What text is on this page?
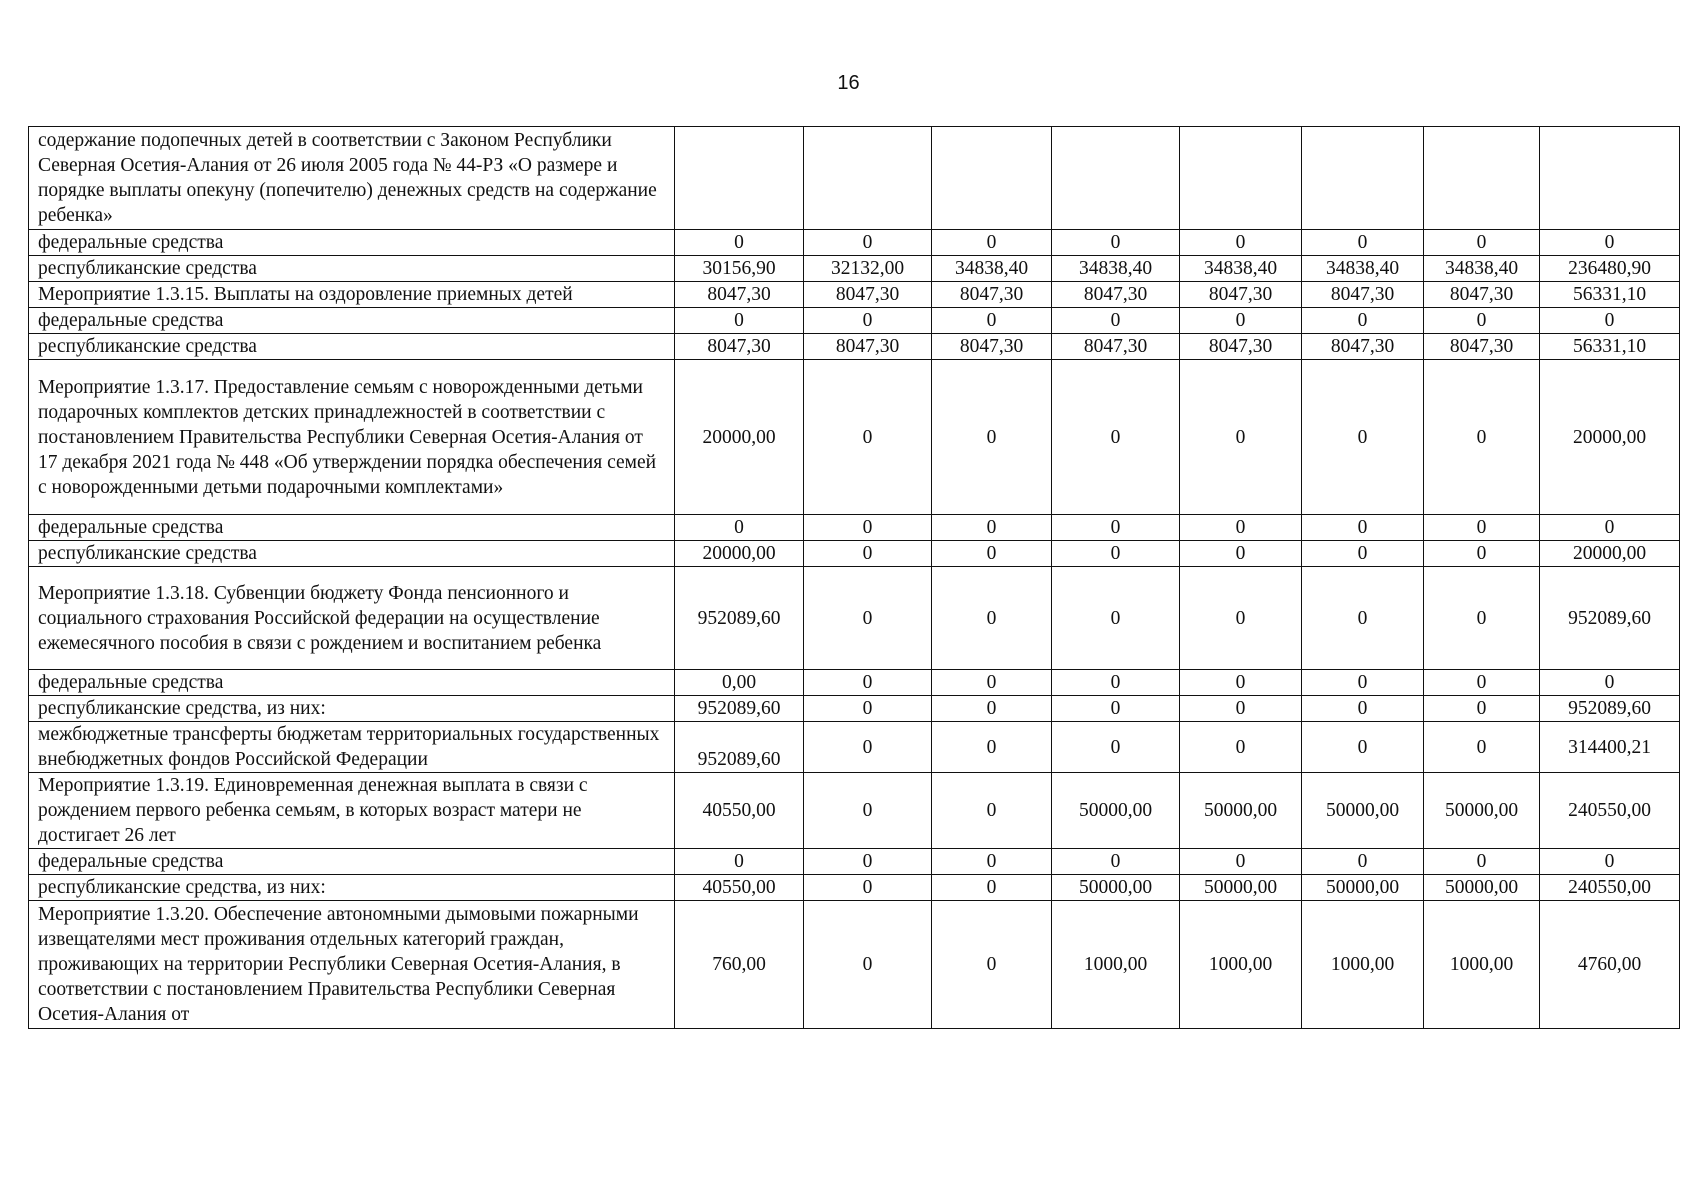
16
содержание подопечных детей в соответствии с Законом Республики Северная Осетия-Алания от 26 июля 2005 года № 44-РЗ «О размере и порядке выплаты опекуну (попечителю) денежных средств на содержание ребенка»								
федеральные средства	0	0	0	0	0	0	0	0
республиканские средства	30156,90	32132,00	34838,40	34838,40	34838,40	34838,40	34838,40	236480,90
Мероприятие 1.3.15. Выплаты на оздоровление приемных детей	8047,30	8047,30	8047,30	8047,30	8047,30	8047,30	8047,30	56331,10
федеральные средства	0	0	0	0	0	0	0	0
республиканские средства	8047,30	8047,30	8047,30	8047,30	8047,30	8047,30	8047,30	56331,10
Мероприятие 1.3.17. Предоставление семьям с новорожденными детьми подарочных комплектов детских принадлежностей в соответствии с постановлением Правительства Республики Северная Осетия-Алания от 17 декабря 2021 года № 448 «Об утверждении порядка обеспечения семей с новорожденными детьми подарочными комплектами»	20000,00	0	0	0	0	0	0	20000,00
федеральные средства	0	0	0	0	0	0	0	0
республиканские средства	20000,00	0	0	0	0	0	0	20000,00
Мероприятие 1.3.18. Субвенции бюджету Фонда пенсионного и социального страхования Российской федерации на осуществление ежемесячного пособия в связи с рождением и воспитанием ребенка	952089,60	0	0	0	0	0	0	952089,60
федеральные средства	0,00	0	0	0	0	0	0	0
республиканские средства, из них:	952089,60	0	0	0	0	0	0	952089,60
межбюджетные трансферты бюджетам территориальных государственных внебюджетных фондов Российской Федерации	952089,60	0	0	0	0	0	0	314400,21
Мероприятие 1.3.19. Единовременная денежная выплата в связи с рождением первого ребенка семьям, в которых возраст матери не достигает 26 лет	40550,00	0	0	50000,00	50000,00	50000,00	50000,00	240550,00
федеральные средства	0	0	0	0	0	0	0	0
республиканские средства, из них:	40550,00	0	0	50000,00	50000,00	50000,00	50000,00	240550,00
Мероприятие 1.3.20. Обеспечение автономными дымовыми пожарными извещателями мест проживания отдельных категорий граждан, проживающих на территории Республики Северная Осетия-Алания, в соответствии с постановлением Правительства Республики Северная Осетия-Алания от	760,00	0	0	1000,00	1000,00	1000,00	1000,00	4760,00
